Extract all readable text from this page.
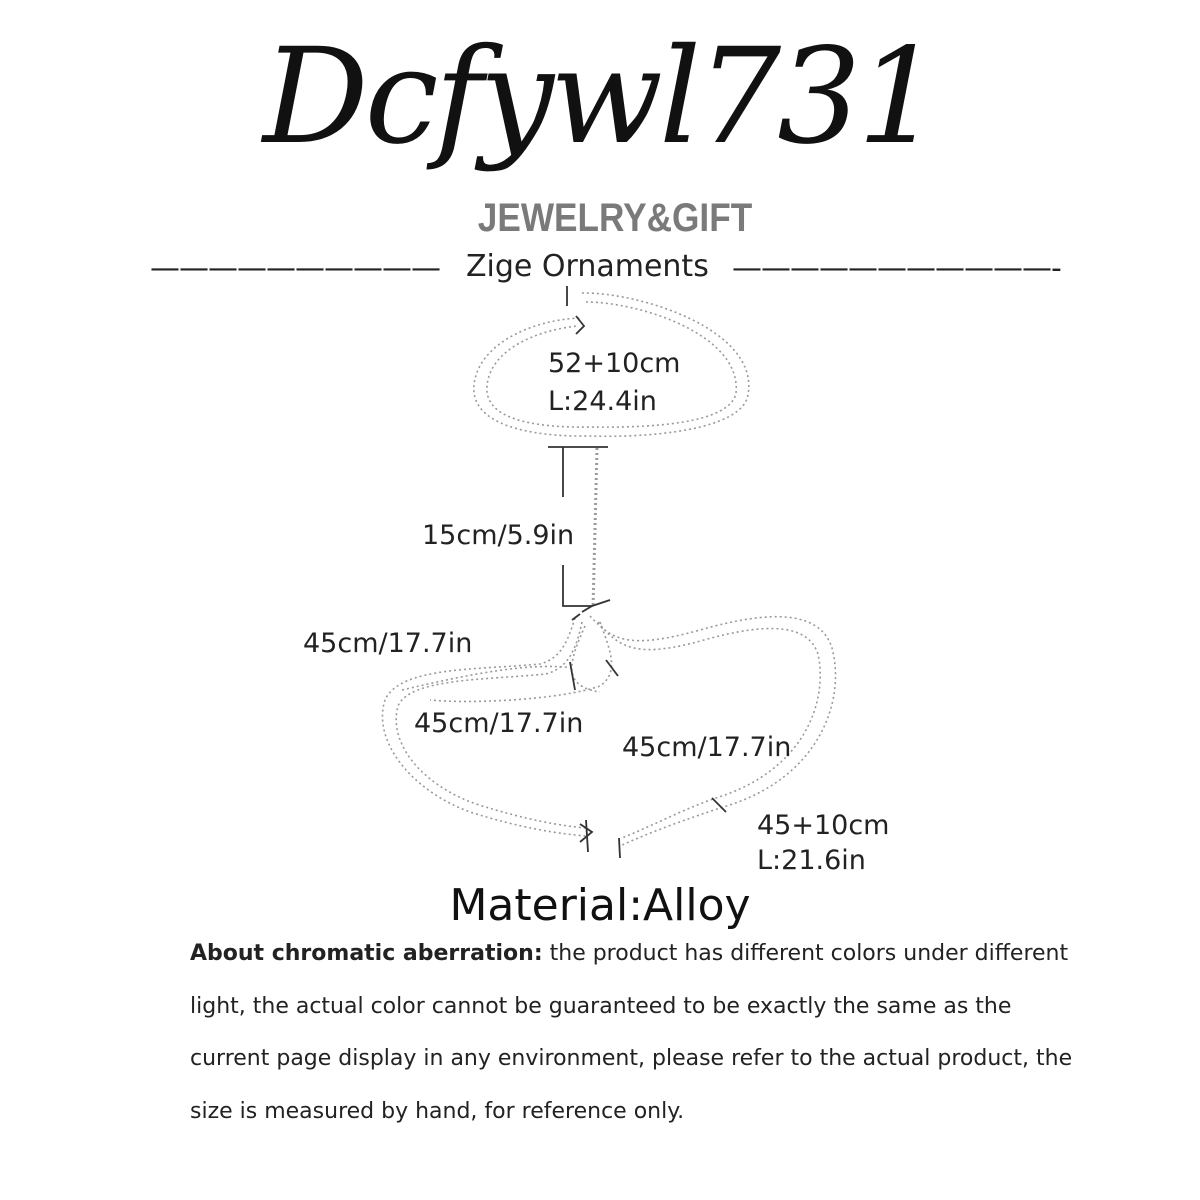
Dcfywl731
JEWELRY&GIFT
—————————— Zige Ornaments ———————————-
52+10cm
L:24.4in
15cm/5.9in
45cm/17.7in
45cm/17.7in
45cm/17.7in
45+10cm
L:21.6in
Material:Alloy
About chromatic aberration: the product has different colors under different light, the actual color cannot be guaranteed to be exactly the same as the current page display in any environment, please refer to the actual product, the size is measured by hand, for reference only.
